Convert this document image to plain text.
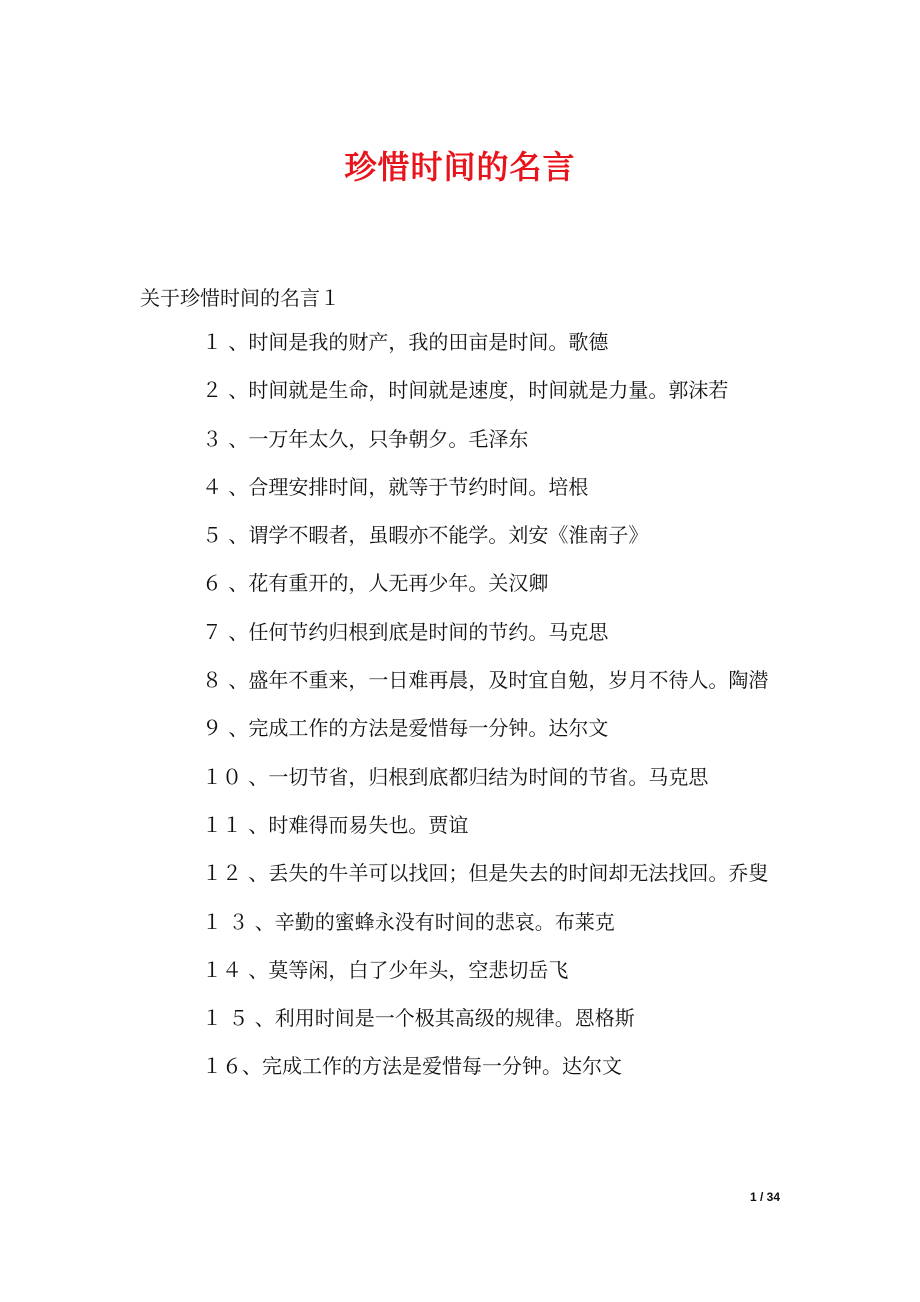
珍惜时间的名言
关于珍惜时间的名言１
１ 、时间是我的财产，我的田亩是时间。歌德
２ 、时间就是生命，时间就是速度，时间就是力量。郭沫若
３ 、一万年太久，只争朝夕。毛泽东
４ 、合理安排时间，就等于节约时间。培根
５ 、谓学不暇者，虽暇亦不能学。刘安《淮南子》
６ 、花有重开的，人无再少年。关汉卿
７ 、任何节约归根到底是时间的节约。马克思
８ 、盛年不重来，一日难再晨，及时宜自勉，岁月不待人。陶潜
９ 、完成工作的方法是爱惜每一分钟。达尔文
１０ 、一切节省，归根到底都归结为时间的节省。马克思
１１ 、时难得而易失也。贾谊
１２ 、丢失的牛羊可以找回；但是失去的时间却无法找回。乔叟
１ ３ 、辛勤的蜜蜂永没有时间的悲哀。布莱克
１４ 、莫等闲，白了少年头，空悲切岳飞
１ ５ 、利用时间是一个极其高级的规律。恩格斯
１６、完成工作的方法是爱惜每一分钟。达尔文
1 / 34
